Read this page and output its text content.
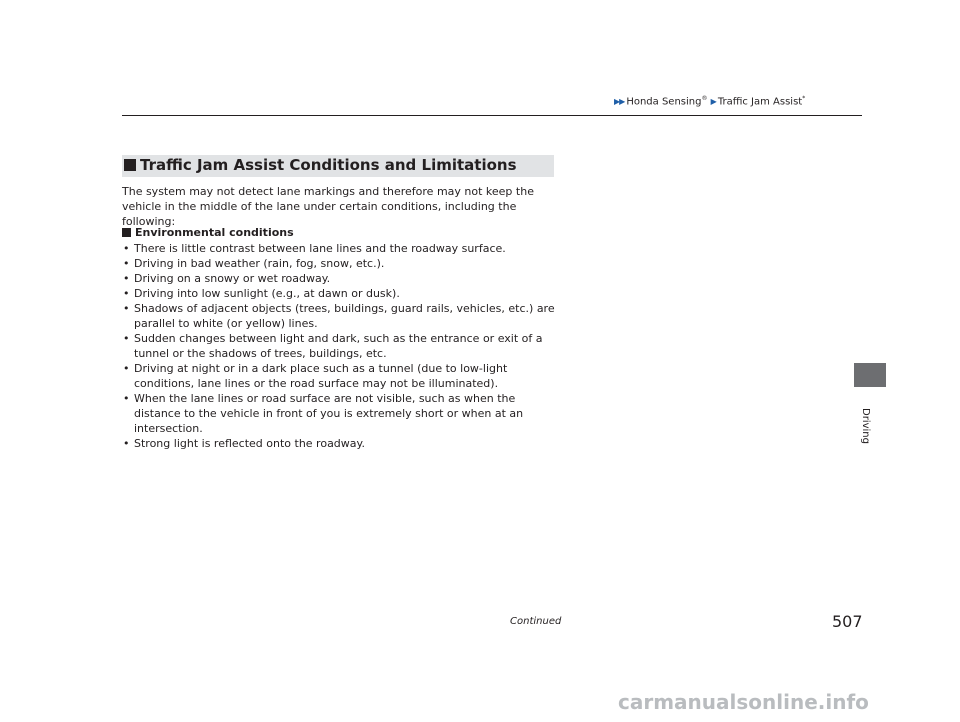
▶▶ Honda Sensing® ▶ Traffic Jam Assist*
Traffic Jam Assist Conditions and Limitations
The system may not detect lane markings and therefore may not keep the vehicle in the middle of the lane under certain conditions, including the following:
Environmental conditions
• There is little contrast between lane lines and the roadway surface.
• Driving in bad weather (rain, fog, snow, etc.).
• Driving on a snowy or wet roadway.
• Driving into low sunlight (e.g., at dawn or dusk).
• Shadows of adjacent objects (trees, buildings, guard rails, vehicles, etc.) are parallel to white (or yellow) lines.
• Sudden changes between light and dark, such as the entrance or exit of a tunnel or the shadows of trees, buildings, etc.
• Driving at night or in a dark place such as a tunnel (due to low-light conditions, lane lines or the road surface may not be illuminated).
• When the lane lines or road surface are not visible, such as when the distance to the vehicle in front of you is extremely short or when at an intersection.
• Strong light is reflected onto the roadway.	Driving
Continued	507
carmanualsonline.info
